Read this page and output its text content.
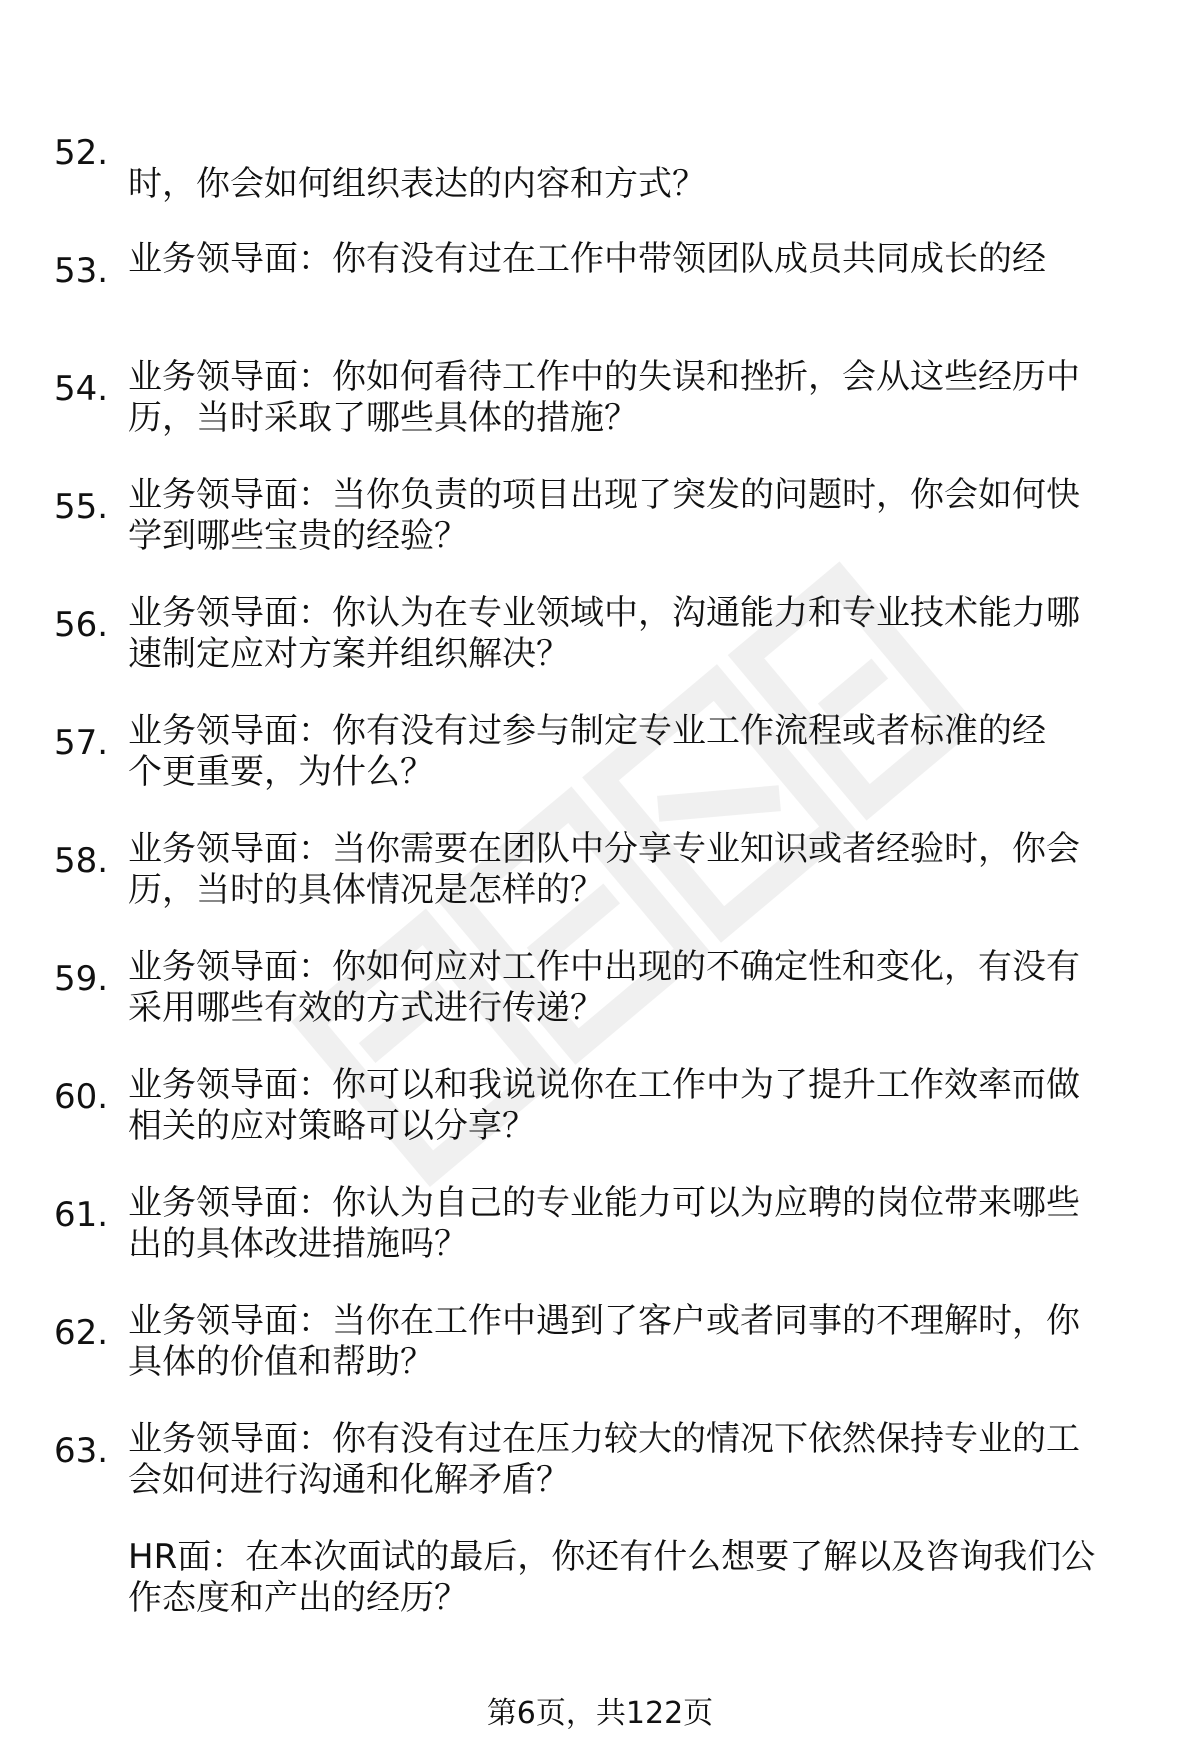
时，你会如何组织表达的内容和方式？

52.

业务领导面：你有没有过在工作中带领团队成员共同成长的经

历，当时采取了哪些具体的措施？

53.

业务领导面：你如何看待工作中的失误和挫折，会从这些经历中

学到哪些宝贵的经验？

54.

业务领导面：当你负责的项目出现了突发的问题时，你会如何快

速制定应对方案并组织解决？

55.

业务领导面：你认为在专业领域中，沟通能力和专业技术能力哪

个更重要，为什么？

56.

业务领导面：你有没有过参与制定专业工作流程或者标准的经

历，当时的具体情况是怎样的？

57.

业务领导面：当你需要在团队中分享专业知识或者经验时，你会

采用哪些有效的方式进行传递？

58.

业务领导面：你如何应对工作中出现的不确定性和变化，有没有

相关的应对策略可以分享？

59.

业务领导面：你可以和我说说你在工作中为了提升工作效率而做

出的具体改进措施吗？

60.

业务领导面：你认为自己的专业能力可以为应聘的岗位带来哪些

具体的价值和帮助？

61.

业务领导面：当你在工作中遇到了客户或者同事的不理解时，你

会如何进行沟通和化解矛盾？

62.

业务领导面：你有没有过在压力较大的情况下依然保持专业的工

作态度和产出的经历？

63.

HR面：在本次面试的最后，你还有什么想要了解以及咨询我们公

第6页，共122页
